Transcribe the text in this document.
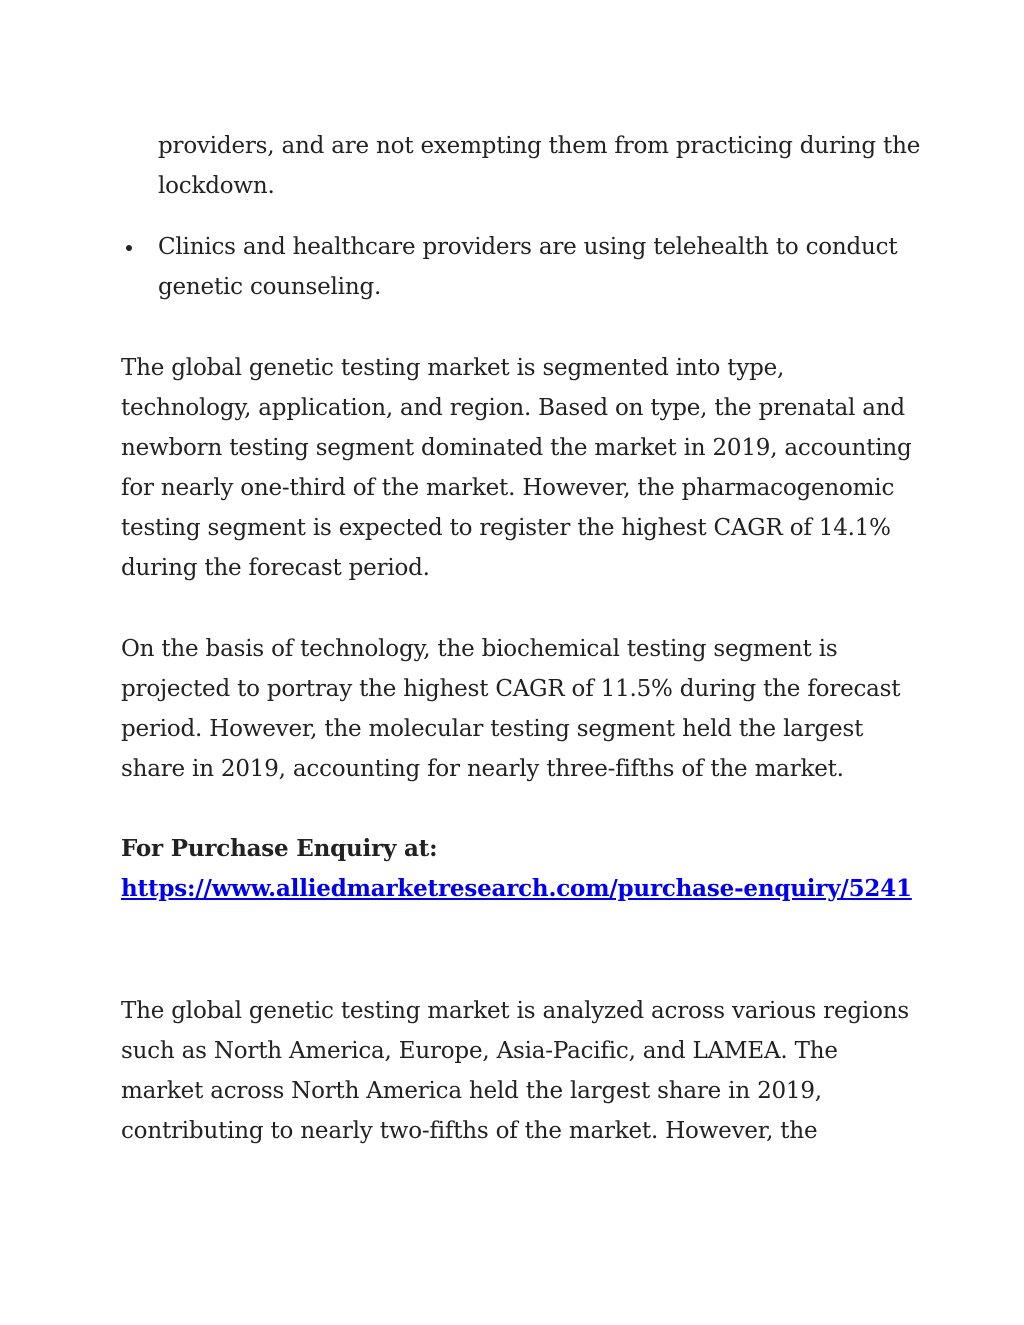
providers, and are not exempting them from practicing during the lockdown.
Clinics and healthcare providers are using telehealth to conduct genetic counseling.

The global genetic testing market is segmented into type, technology, application, and region. Based on type, the prenatal and newborn testing segment dominated the market in 2019, accounting for nearly one-third of the market. However, the pharmacogenomic testing segment is expected to register the highest CAGR of 14.1% during the forecast period.

On the basis of technology, the biochemical testing segment is projected to portray the highest CAGR of 11.5% during the forecast period. However, the molecular testing segment held the largest share in 2019, accounting for nearly three-fifths of the market.

For Purchase Enquiry at: https://www.alliedmarketresearch.com/purchase-enquiry/5241

The global genetic testing market is analyzed across various regions such as North America, Europe, Asia-Pacific, and LAMEA. The market across North America held the largest share in 2019, contributing to nearly two-fifths of the market. However, the
